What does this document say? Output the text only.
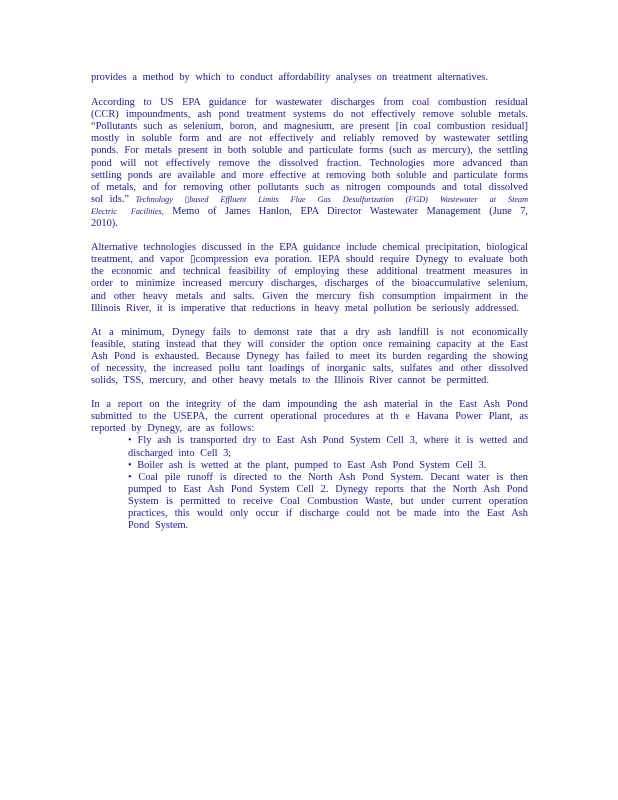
provides a method by which to conduct affordability analyses on treatment alternatives.

According to US EPA guidance for wastewater discharges from coal combustion residual (CCR) impoundments, ash pond treatment systems do not effectively remove soluble metals. “Pollutants such as selenium, boron, and magnesium, are present [in coal combustion residual] mostly in soluble form and are not effectively and reliably removed by wastewater settling ponds. For metals present in both soluble and particulate forms (such as mercury), the settling pond will not effectively remove the dissolved fraction. Technologies more advanced than settling ponds are available and more effective at removing both soluble and particulate forms of metals, and for removing other pollutants such as nitrogen compounds and total dissolved sol ids.” Technology ▯based Effluent Limits Flue Gas Desulfurization (FGD) Wastewater at Steam Electric Facilities, Memo of James Hanlon, EPA Director Wastewater Management (June 7, 2010).

Alternative technologies discussed in the EPA guidance include chemical precipitation, biological treatment, and vapor ▯compression eva poration. IEPA should require Dynegy to evaluate both the economic and technical feasibility of employing these additional treatment measures in order to minimize increased mercury discharges, discharges of the bioaccumulative selenium, and other heavy metals and salts. Given the mercury fish consumption impairment in the Illinois River, it is imperative that reductions in heavy metal pollution be seriously addressed.

At a minimum, Dynegy fails to demonst rate that a dry ash landfill is not economically feasible, stating instead that they will consider the option once remaining capacity at the East Ash Pond is exhausted. Because Dynegy has failed to meet its burden regarding the showing of necessity, the increased pollu tant loadings of inorganic salts, sulfates and other dissolved solids, TSS, mercury, and other heavy metals to the Illinois River cannot be permitted.

In a report on the integrity of the dam impounding the ash material in the East Ash Pond submitted to the USEPA, the current operational procedures at th e Havana Power Plant, as reported by Dynegy, are as follows:

• Fly ash is transported dry to East Ash Pond System Cell 3, where it is wetted and discharged into Cell 3;
• Boiler ash is wetted at the plant, pumped to East Ash Pond System Cell 3.
• Coal pile runoff is directed to the North Ash Pond System. Decant water is then pumped to East Ash Pond System Cell 2. Dynegy reports that the North Ash Pond System is permitted to receive Coal Combustion Waste, but under current operation practices, this would only occur if discharge could not be made into the East Ash Pond System.
